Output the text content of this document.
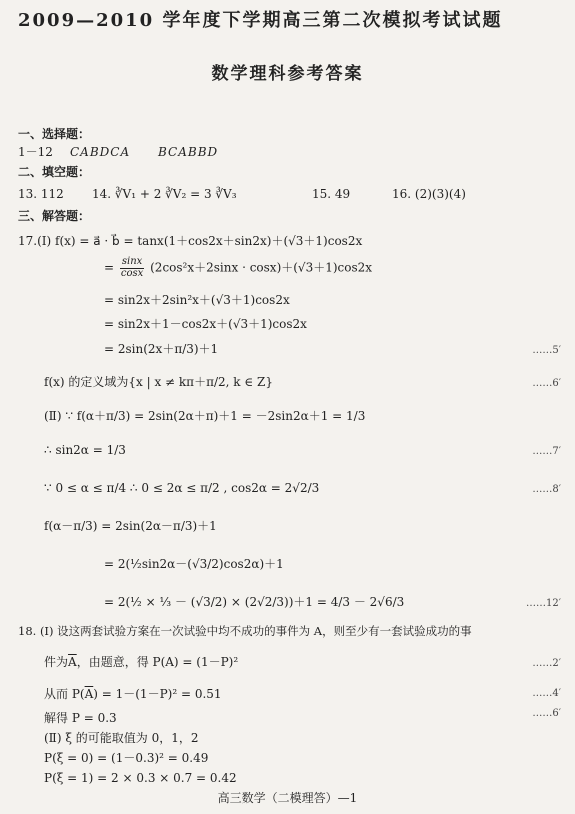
2009—2010 学年度下学期高三第二次模拟考试试题
数学理科参考答案
一、选择题：
1－12 CABDCA BCABBD
二、填空题：
13. 112 14. ∛V₁ + 2 ∛V₂ = 3 ∛V₃	15. 49	16. (2)(3)(4)
三、解答题：
17.(Ⅰ) f(x) = a⃗ · b⃗ = tanx(1＋cos2x＋sin2x)＋(√3＋1)cos2x
= $\frac{\sin x}{\cos x} (2\cos^2x+2\sin x \cdot \cos x)+(√3+1)\cos 2x$
= sin2x＋2sin²x＋(√3＋1)cos2x
= sin2x＋1－cos2x＋(√3＋1)cos2x
= 2sin(2x＋π/3)＋1	……5′
f(x) 的定义域为{x | x ≠ kπ＋π/2, k ∈ Z}	……6′
(Ⅱ) ∵ f(α＋π/3) = 2sin(2α＋π)＋1 = －2sin2α＋1 = 1/3
∴ sin2α = 1/3	……7′
∵ 0 ≤ α ≤ π/4 ∴ 0 ≤ 2α ≤ π/2 , cos2α = 2√2/3	……8′
f(α－π/3) = 2sin(2α－π/3)＋1
= 2(½sin2α－(√3/2)cos2α)＋1
= 2(½ × ⅓ － (√3/2) × (2√2/3))＋1 = 4/3 － 2√6/3	……12′
18. (Ⅰ) 设这两套试验方案在一次试验中均不成功的事件为 A，则至少有一套试验成功的事
件为$\overline{A}$，由题意，得 P(A) = (1－P)²	……2′
从而 $P(\overline{A}) = 1-(1-P)^2 = 0.51$	……4′
解得 P = 0.3	……6′
(Ⅱ) ξ 的可能取值为 0，1，2
P(ξ = 0) = (1－0.3)² = 0.49
P(ξ = 1) = 2 × 0.3 × 0.7 = 0.42
高三数学（二模理答）—1
